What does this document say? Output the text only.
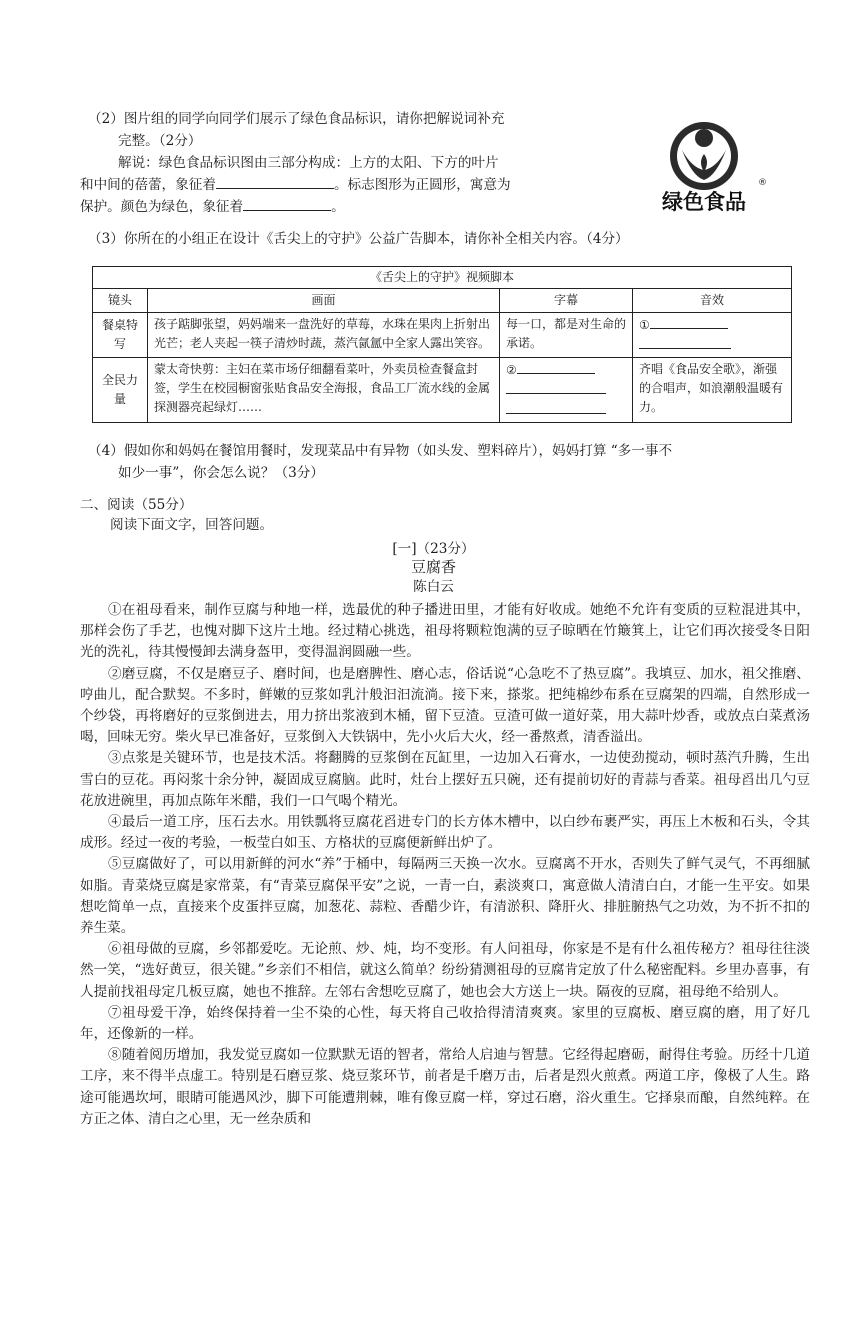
（2）图片组的同学向同学们展示了绿色食品标识，请你把解说词补充
完整。（2分）
解说：绿色食品标识图由三部分构成：上方的太阳、下方的叶片
和中间的蓓蕾，象征着	。标志图形为正圆形，寓意为
保护。颜色为绿色，象征着	。	绿色食品
®
（3）你所在的小组正在设计《舌尖上的守护》公益广告脚本，请你补全相关内容。（4分）
《舌尖上的守护》视频脚本			
镜头	画面	字幕	音效
餐桌特写	孩子踮脚张望，妈妈端来一盘洗好的草莓，水珠在果肉上折射出光芒；老人夹起一筷子清炒时蔬，蒸汽氤氲中全家人露出笑容。	每一口，都是对生命的承诺。	①

全民力量	蒙太奇快剪：主妇在菜市场仔细翻看菜叶，外卖员检查餐盒封签，学生在校园橱窗张贴食品安全海报，食品工厂流水线的金属探测器亮起绿灯……	②	齐唱《食品安全歌》，渐强的合唱声，如浪潮般温暖有力。
（4）假如你和妈妈在餐馆用餐时，发现菜品中有异物（如头发、塑料碎片），妈妈打算 “多一事不
如少一事”，你会怎么说？（3分）
二、阅读（55分）
阅读下面文字，回答问题。
[一]（23分）
豆腐香
陈白云

①在祖母看来，制作豆腐与种地一样，选最优的种子播进田里，才能有好收成。她绝不允许有变质的豆粒混进其中，那样会伤了手艺，也愧对脚下这片土地。经过精心挑选，祖母将颗粒饱满的豆子晾晒在竹簸箕上，让它们再次接受冬日阳光的洗礼，待其慢慢卸去满身盔甲，变得温润圆融一些。

②磨豆腐，不仅是磨豆子、磨时间，也是磨脾性、磨心志，俗话说“心急吃不了热豆腐”。我填豆、加水，祖父推磨、哼曲儿，配合默契。不多时，鲜嫩的豆浆如乳汁般汩汩流淌。接下来，搽浆。把纯棉纱布系在豆腐架的四端，自然形成一个纱袋，再将磨好的豆浆倒进去，用力挤出浆液到木桶，留下豆渣。豆渣可做一道好菜，用大蒜叶炒香，或放点白菜煮汤喝，回味无穷。柴火早已准备好，豆浆倒入大铁锅中，先小火后大火，经一番熬煮，清香溢出。

③点浆是关键环节，也是技术活。将翻腾的豆浆倒在瓦缸里，一边加入石膏水，一边使劲搅动，顿时蒸汽升腾，生出雪白的豆花。再闷浆十余分钟，凝固成豆腐脑。此时，灶台上摆好五只碗，还有提前切好的青蒜与香菜。祖母舀出几勺豆花放进碗里，再加点陈年米醋，我们一口气喝个精光。

④最后一道工序，压石去水。用铁瓢将豆腐花舀进专门的长方体木槽中，以白纱布裹严实，再压上木板和石头，令其成形。经过一夜的考验，一板莹白如玉、方格状的豆腐便新鲜出炉了。

⑤豆腐做好了，可以用新鲜的河水“养”于桶中，每隔两三天换一次水。豆腐离不开水，否则失了鲜气灵气，不再细腻如脂。青菜烧豆腐是家常菜，有“青菜豆腐保平安”之说，一青一白，素淡爽口，寓意做人清清白白，才能一生平安。如果想吃简单一点，直接来个皮蛋拌豆腐，加葱花、蒜粒、香醋少许，有清淤积、降肝火、排脏腑热气之功效，为不折不扣的养生菜。

⑥祖母做的豆腐，乡邻都爱吃。无论煎、炒、炖，均不变形。有人问祖母，你家是不是有什么祖传秘方？祖母往往淡然一笑，“选好黄豆，很关键。”乡亲们不相信，就这么简单？纷纷猜测祖母的豆腐肯定放了什么秘密配料。乡里办喜事，有人提前找祖母定几板豆腐，她也不推辞。左邻右舍想吃豆腐了，她也会大方送上一块。隔夜的豆腐，祖母绝不给别人。

⑦祖母爱干净，始终保持着一尘不染的心性，每天将自己收拾得清清爽爽。家里的豆腐板、磨豆腐的磨，用了好几年，还像新的一样。

⑧随着阅历增加，我发觉豆腐如一位默默无语的智者，常给人启迪与智慧。它经得起磨砺，耐得住考验。历经十几道工序，来不得半点虚工。特别是石磨豆浆、烧豆浆环节，前者是千磨万击，后者是烈火煎煮。两道工序，像极了人生。路途可能遇坎坷，眼睛可能遇风沙，脚下可能遭荆棘，唯有像豆腐一样，穿过石磨，浴火重生。它择泉而酿，自然纯粹。在方正之体、清白之心里，无一丝杂质和
